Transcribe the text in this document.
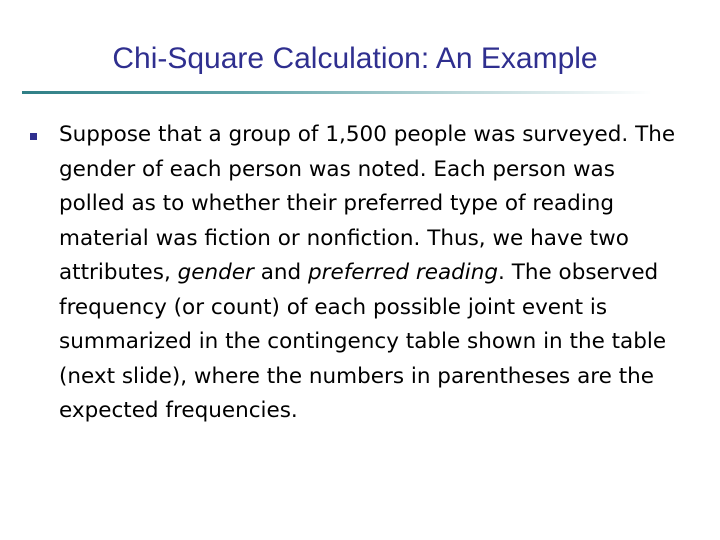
Chi-Square Calculation: An Example

Suppose that a group of 1,500 people was surveyed. The gender of each person was noted. Each person was polled as to whether their preferred type of reading material was fiction or nonfiction. Thus, we have two attributes, gender and preferred reading. The observed frequency (or count) of each possible joint event is summarized in the contingency table shown in the table (next slide), where the numbers in parentheses are the expected frequencies.
